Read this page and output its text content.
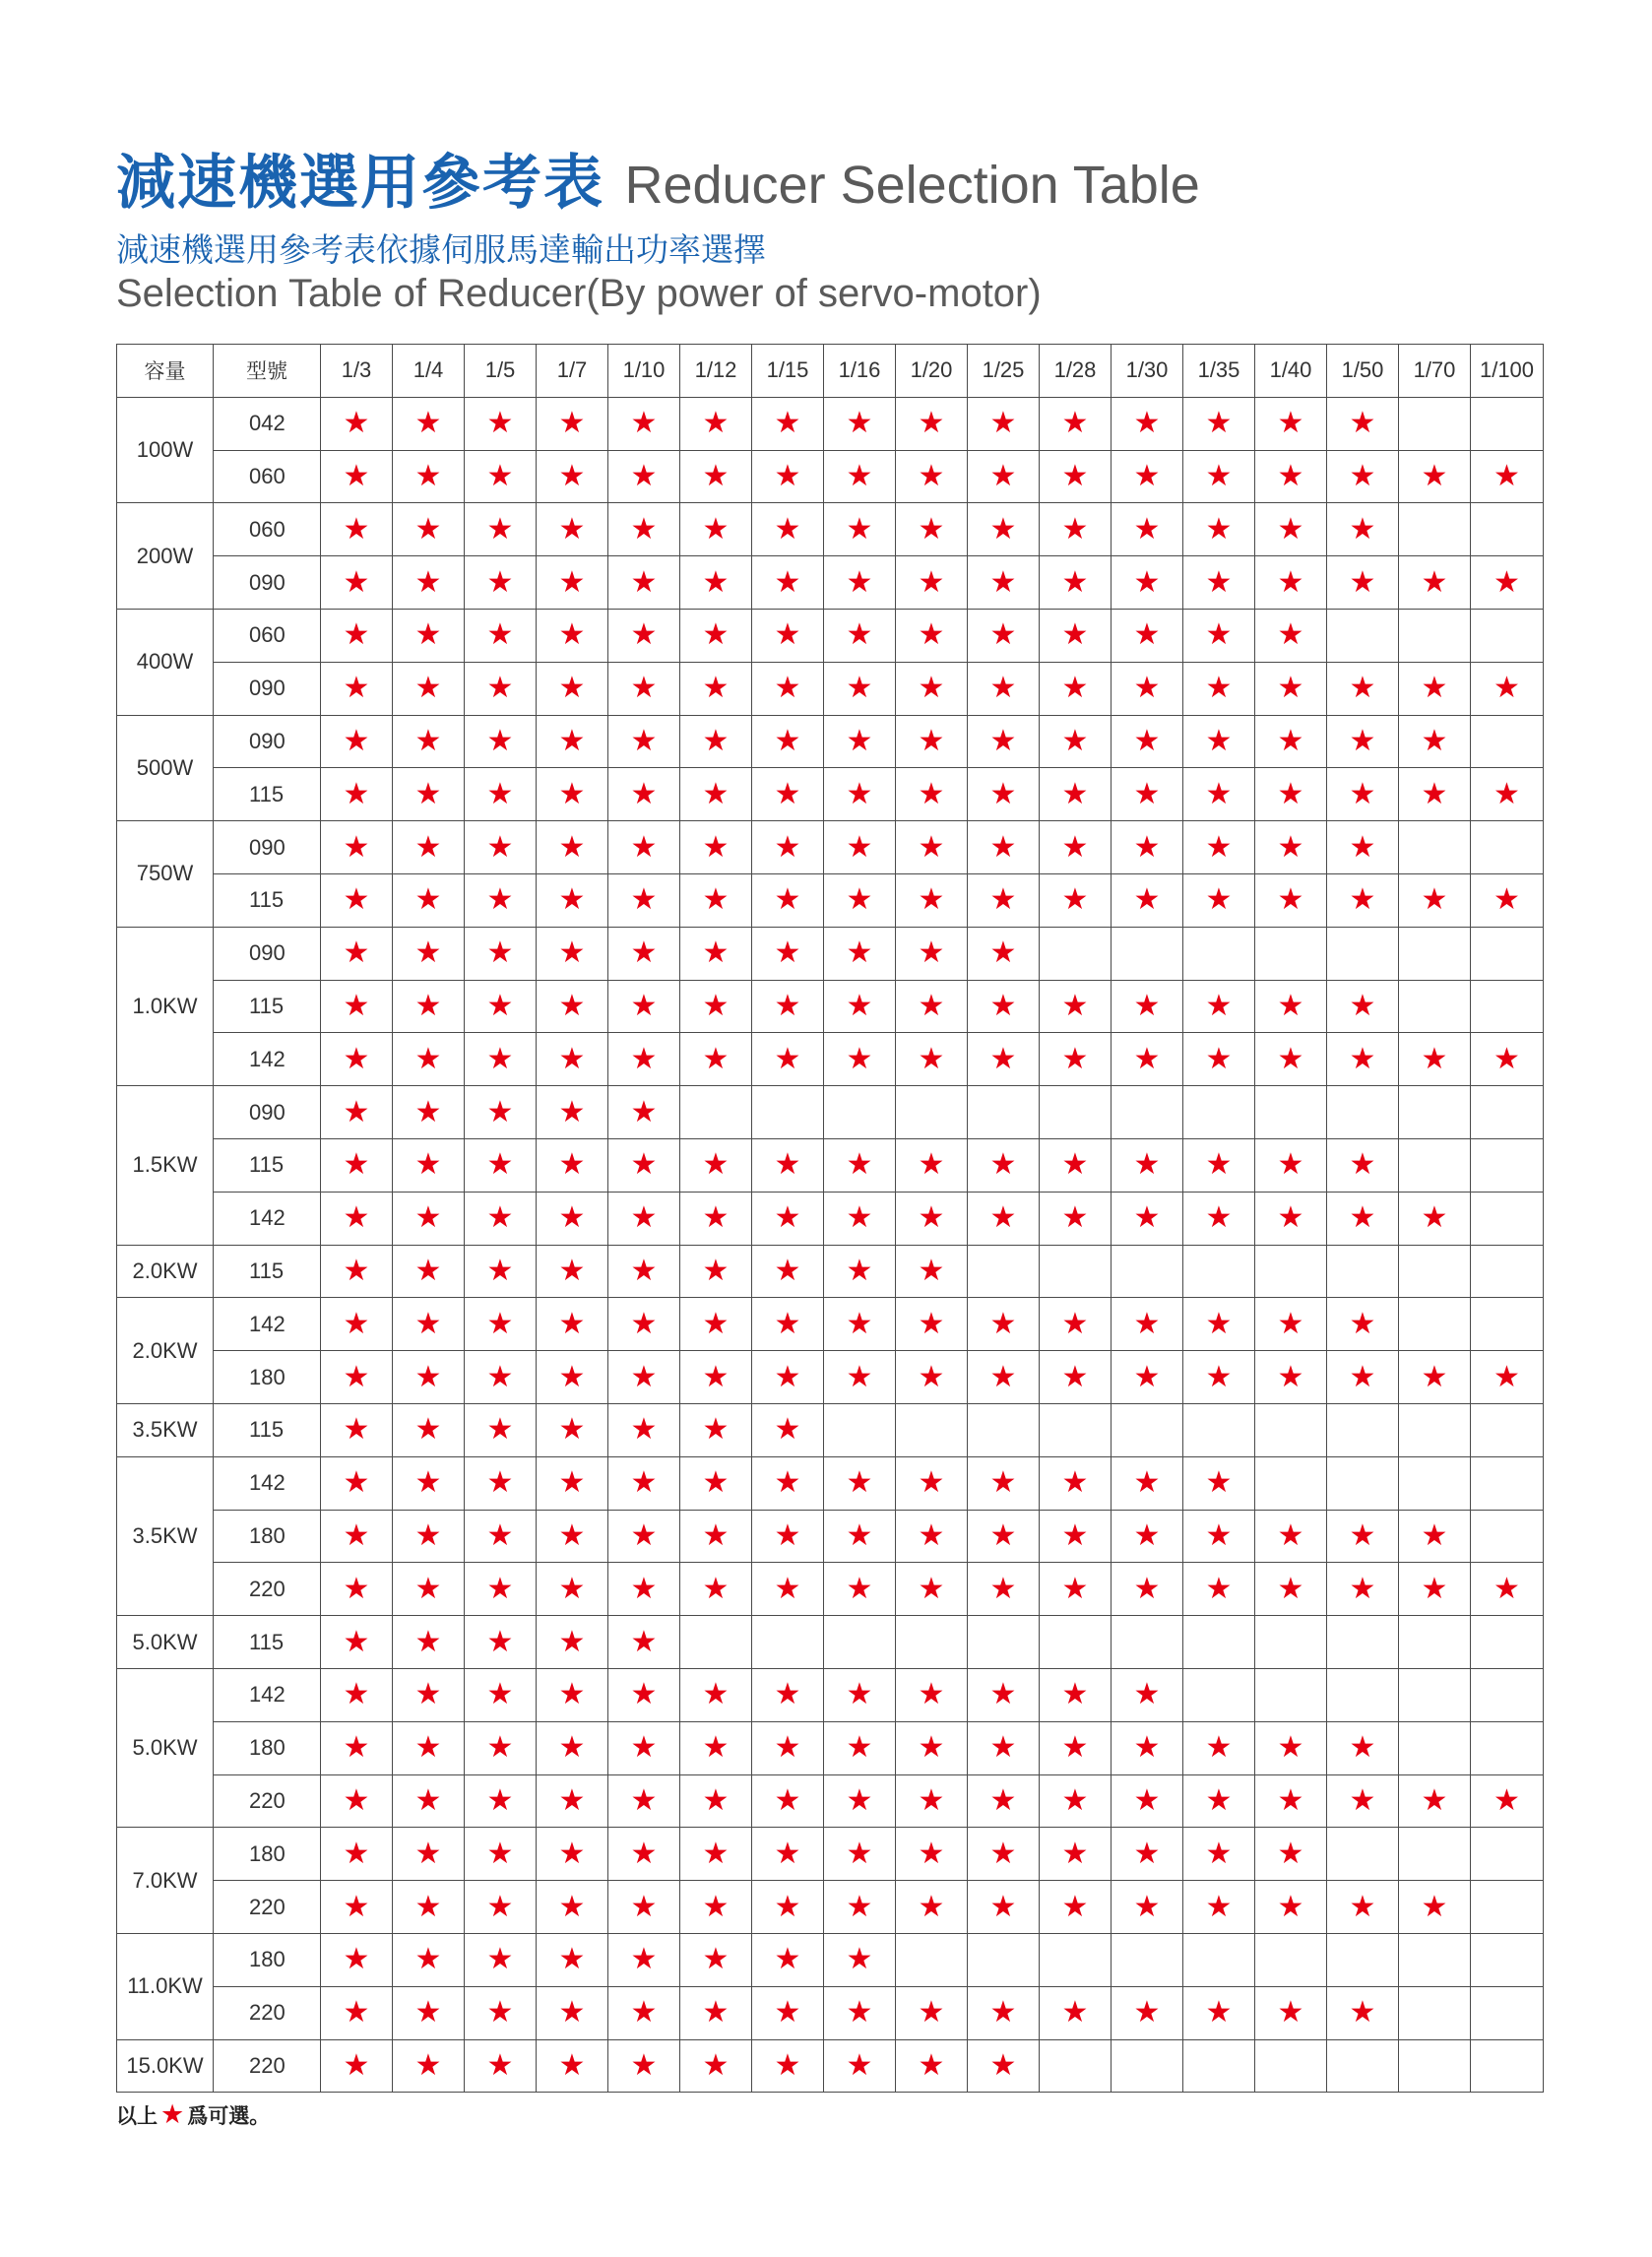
減速機選用參考表 Reducer Selection Table
減速機選用參考表依據伺服馬達輸出功率選擇
Selection Table of Reducer(By power of servo-motor)
容量	型號	1/3	1/4	1/5	1/7	1/10	1/12	1/15	1/16	1/20	1/25	1/28	1/30	1/35	1/40	1/50	1/70	1/100
100W	042	★	★	★	★	★	★	★	★	★	★	★	★	★	★	★		
	060	★	★	★	★	★	★	★	★	★	★	★	★	★	★	★	★	★
200W	060	★	★	★	★	★	★	★	★	★	★	★	★	★	★	★		
	090	★	★	★	★	★	★	★	★	★	★	★	★	★	★	★	★	★
400W	060	★	★	★	★	★	★	★	★	★	★	★	★	★	★			
	090	★	★	★	★	★	★	★	★	★	★	★	★	★	★	★	★	★
500W	090	★	★	★	★	★	★	★	★	★	★	★	★	★	★	★	★	
	115	★	★	★	★	★	★	★	★	★	★	★	★	★	★	★	★	★
750W	090	★	★	★	★	★	★	★	★	★	★	★	★	★	★	★		
	115	★	★	★	★	★	★	★	★	★	★	★	★	★	★	★	★	★
1.0KW	090	★	★	★	★	★	★	★	★	★	★							
	115	★	★	★	★	★	★	★	★	★	★	★	★	★	★	★		
	142	★	★	★	★	★	★	★	★	★	★	★	★	★	★	★	★	★
1.5KW	090	★	★	★	★	★												
	115	★	★	★	★	★	★	★	★	★	★	★	★	★	★	★		
	142	★	★	★	★	★	★	★	★	★	★	★	★	★	★	★	★	
2.0KW	115	★	★	★	★	★	★	★	★	★								
2.0KW	142	★	★	★	★	★	★	★	★	★	★	★	★	★	★	★		
	180	★	★	★	★	★	★	★	★	★	★	★	★	★	★	★	★	★
3.5KW	115	★	★	★	★	★	★	★										
3.5KW	142	★	★	★	★	★	★	★	★	★	★	★	★	★				
	180	★	★	★	★	★	★	★	★	★	★	★	★	★	★	★	★	
	220	★	★	★	★	★	★	★	★	★	★	★	★	★	★	★	★	★
5.0KW	115	★	★	★	★	★												
5.0KW	142	★	★	★	★	★	★	★	★	★	★	★	★					
	180	★	★	★	★	★	★	★	★	★	★	★	★	★	★	★		
	220	★	★	★	★	★	★	★	★	★	★	★	★	★	★	★	★	★
7.0KW	180	★	★	★	★	★	★	★	★	★	★	★	★	★	★			
	220	★	★	★	★	★	★	★	★	★	★	★	★	★	★	★	★	
11.0KW	180	★	★	★	★	★	★	★	★									
	220	★	★	★	★	★	★	★	★	★	★	★	★	★	★	★		
15.0KW	220	★	★	★	★	★	★	★	★	★	★							
以上 ★ 爲可選。
